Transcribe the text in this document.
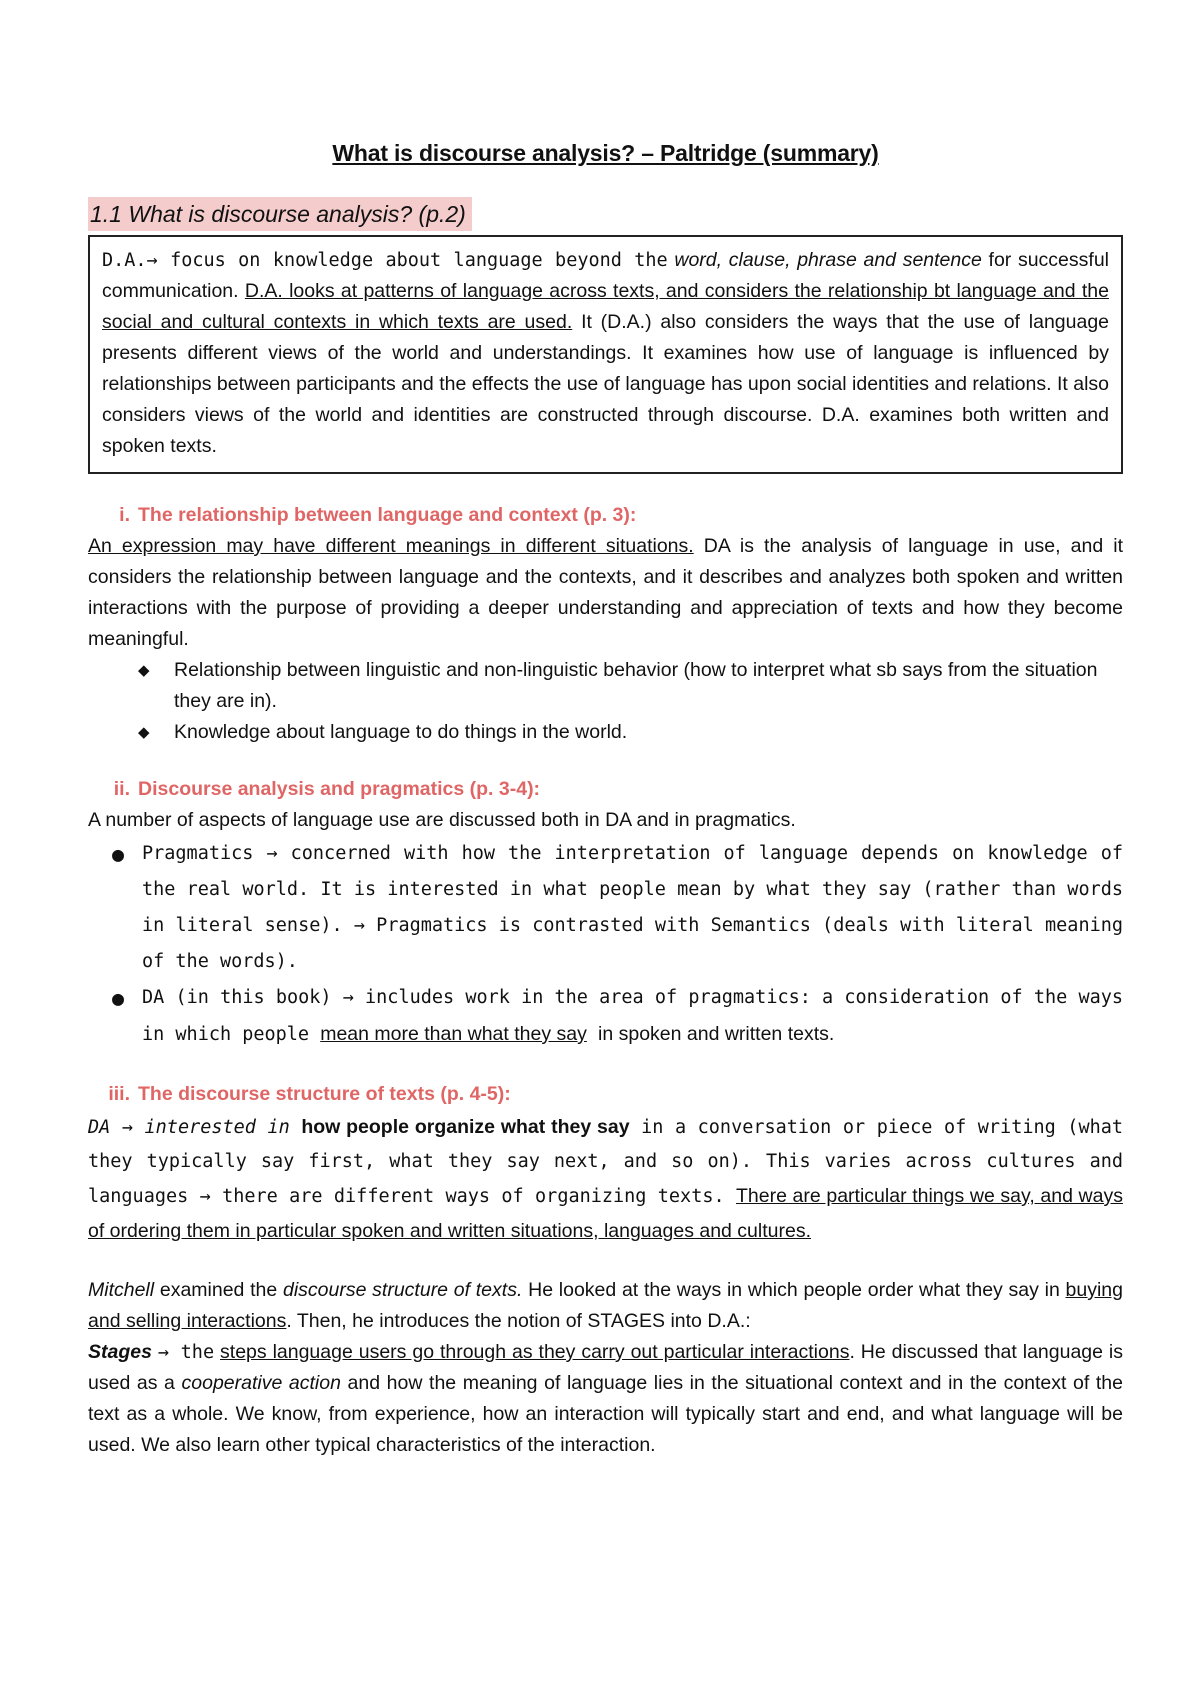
What is discourse analysis? – Paltridge (summary)
1.1 What is discourse analysis? (p.2)
D.A.→ focus on knowledge about language beyond the word, clause, phrase and sentence for successful communication. D.A. looks at patterns of language across texts, and considers the relationship bt language and the social and cultural contexts in which texts are used. It (D.A.) also considers the ways that the use of language presents different views of the world and understandings. It examines how use of language is influenced by relationships between participants and the effects the use of language has upon social identities and relations. It also considers views of the world and identities are constructed through discourse. D.A. examines both written and spoken texts.

i. The relationship between language and context (p. 3):

An expression may have different meanings in different situations. DA is the analysis of language in use, and it considers the relationship between language and the contexts, and it describes and analyzes both spoken and written interactions with the purpose of providing a deeper understanding and appreciation of texts and how they become meaningful.

◆ Relationship between linguistic and non-linguistic behavior (how to interpret what sb says from the situation they are in).
◆ Knowledge about language to do things in the world.

ii. Discourse analysis and pragmatics (p. 3-4):

A number of aspects of language use are discussed both in DA and in pragmatics.

● Pragmatics → concerned with how the interpretation of language depends on knowledge of the real world. It is interested in what people mean by what they say (rather than words in literal sense). → Pragmatics is contrasted with Semantics (deals with literal meaning of the words).
● DA (in this book) → includes work in the area of pragmatics: a consideration of the ways in which people mean more than what they say in spoken and written texts.

iii. The discourse structure of texts (p. 4-5):

DA → interested in how people organize what they say in a conversation or piece of writing (what they typically say first, what they say next, and so on). This varies across cultures and languages → there are different ways of organizing texts. There are particular things we say, and ways of ordering them in particular spoken and written situations, languages and cultures.

Mitchell examined the discourse structure of texts. He looked at the ways in which people order what they say in buying and selling interactions. Then, he introduces the notion of STAGES into D.A.:
Stages → the steps language users go through as they carry out particular interactions. He discussed that language is used as a cooperative action and how the meaning of language lies in the situational context and in the context of the text as a whole. We know, from experience, how an interaction will typically start and end, and what language will be used. We also learn other typical characteristics of the interaction.
